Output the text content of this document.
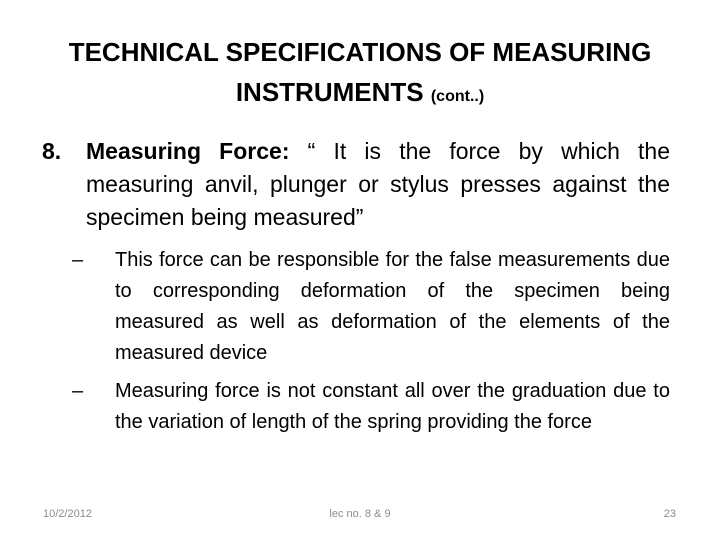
TECHNICAL SPECIFICATIONS OF MEASURING INSTRUMENTS (cont..)
8.	Measuring Force: “ It is the force by which the measuring anvil, plunger or stylus presses against the specimen being measured”
–	This force can be responsible for the false measurements due to corresponding deformation of the specimen being measured as well as deformation of the elements of the measured device
–	Measuring force is not constant all over the graduation due to the variation of length of the spring providing the force
10/2/2012	lec no. 8 & 9	23
